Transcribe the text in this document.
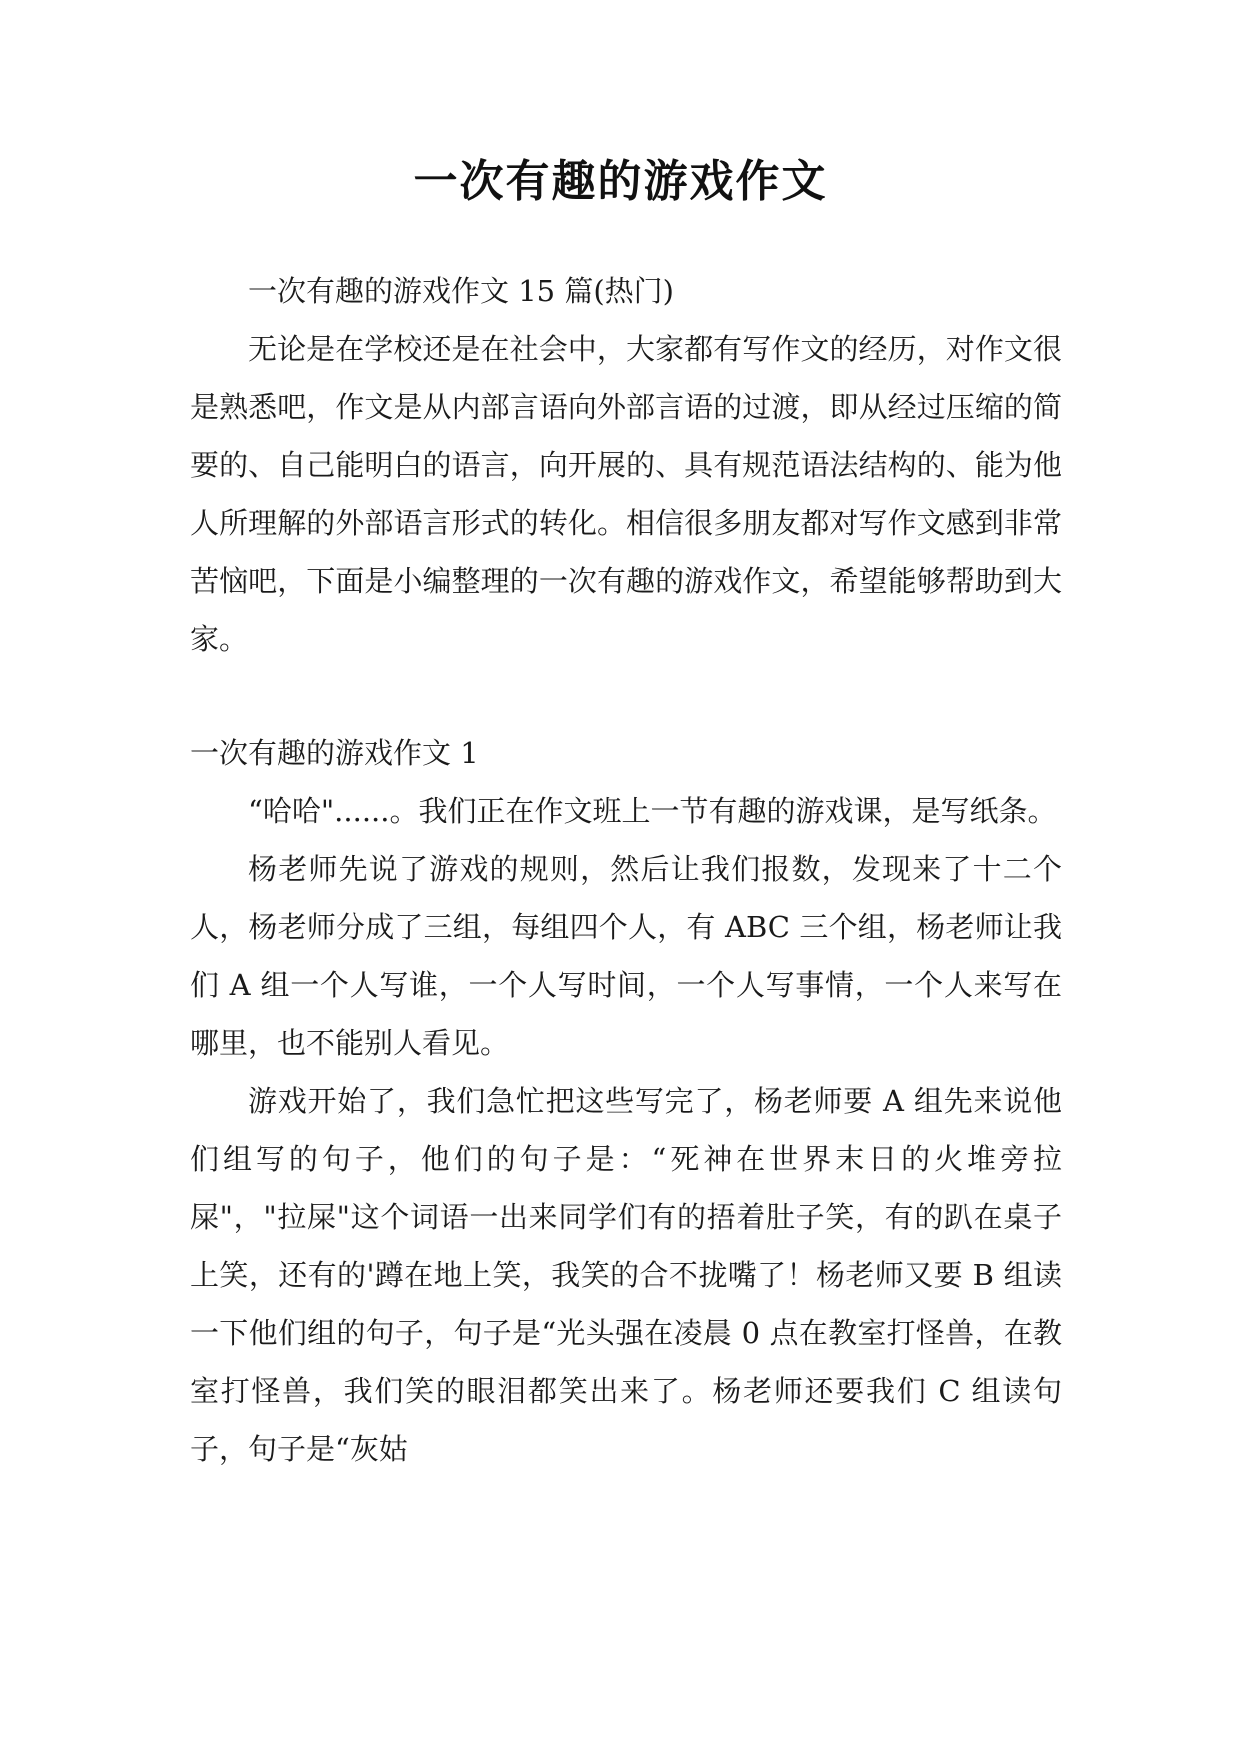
一次有趣的游戏作文

一次有趣的游戏作文 15 篇(热门)

无论是在学校还是在社会中，大家都有写作文的经历，对作文很是熟悉吧，作文是从内部言语向外部言语的过渡，即从经过压缩的简要的、自己能明白的语言，向开展的、具有规范语法结构的、能为他人所理解的外部语言形式的转化。相信很多朋友都对写作文感到非常苦恼吧，下面是小编整理的一次有趣的游戏作文，希望能够帮助到大家。

一次有趣的游戏作文 1

“哈哈"......。我们正在作文班上一节有趣的游戏课，是写纸条。

杨老师先说了游戏的规则，然后让我们报数，发现来了十二个人，杨老师分成了三组，每组四个人，有 ABC 三个组，杨老师让我们 A 组一个人写谁，一个人写时间，一个人写事情，一个人来写在哪里，也不能别人看见。

游戏开始了，我们急忙把这些写完了，杨老师要 A 组先来说他们组写的句子，他们的句子是：“死神在世界末日的火堆旁拉屎"，"拉屎"这个词语一出来同学们有的捂着肚子笑，有的趴在桌子上笑，还有的'蹲在地上笑，我笑的合不拢嘴了！杨老师又要 B 组读一下他们组的句子，句子是“光头强在凌晨 0 点在教室打怪兽，在教室打怪兽，我们笑的眼泪都笑出来了。杨老师还要我们 C 组读句子，句子是“灰姑
